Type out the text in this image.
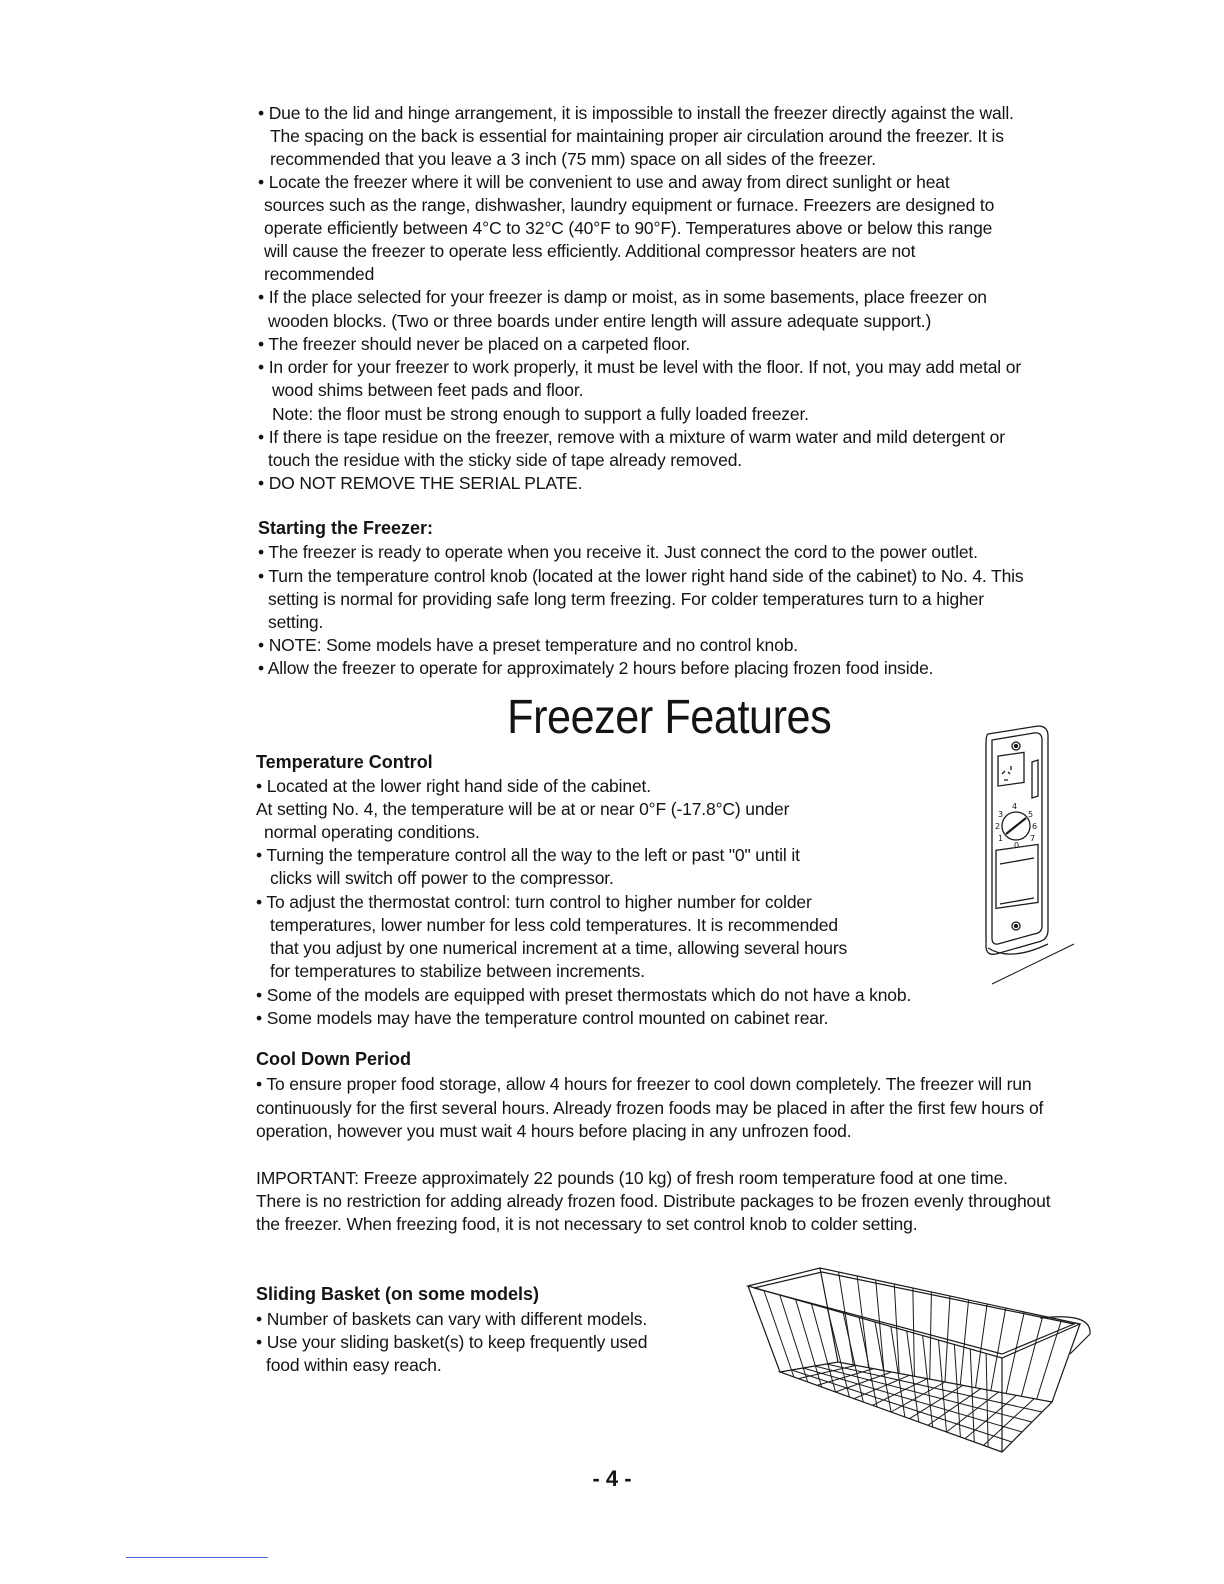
• Due to the lid and hinge arrangement, it is impossible to install the freezer directly against the wall.
The spacing on the back is essential for maintaining proper air circulation around the freezer. It is
recommended that you leave a 3 inch (75 mm) space on all sides of the freezer.
• Locate the freezer where it will be convenient to use and away from direct sunlight or heat
sources such as the range, dishwasher, laundry equipment or furnace. Freezers are designed to
operate efficiently between 4°C to 32°C (40°F to 90°F). Temperatures above or below this range
will cause the freezer to operate less efficiently. Additional compressor heaters are not
recommended
• If the place selected for your freezer is damp or moist, as in some basements, place freezer on
wooden blocks. (Two or three boards under entire length will assure adequate support.)
• The freezer should never be placed on a carpeted floor.
• In order for your freezer to work properly, it must be level with the floor. If not, you may add metal or
wood shims between feet pads and floor.
Note: the floor must be strong enough to support a fully loaded freezer.
• If there is tape residue on the freezer, remove with a mixture of warm water and mild detergent or
touch the residue with the sticky side of tape already removed.
• DO NOT REMOVE THE SERIAL PLATE.
Starting the Freezer:
• The freezer is ready to operate when you receive it. Just connect the cord to the power outlet.
• Turn the temperature control knob (located at the lower right hand side of the cabinet) to No. 4. This
setting is normal for providing safe long term freezing. For colder temperatures turn to a higher
setting.
• NOTE: Some models have a preset temperature and no control knob.
• Allow the freezer to operate for approximately 2 hours before placing frozen food inside.
Freezer Features
Temperature Control
• Located at the lower right hand side of the cabinet.
At setting No. 4, the temperature will be at or near 0°F (-17.8°C) under
normal operating conditions.
• Turning the temperature control all the way to the left or past "0" until it
clicks will switch off power to the compressor.
• To adjust the thermostat control: turn control to higher number for colder
temperatures, lower number for less cold temperatures. It is recommended
that you adjust by one numerical increment at a time, allowing several hours
for temperatures to stabilize between increments.
• Some of the models are equipped with preset thermostats which do not have a knob.
• Some models may have the temperature control mounted on cabinet rear.
4
3	5
2	6
1	7
0
Cool Down Period
• To ensure proper food storage, allow 4 hours for freezer to cool down completely. The freezer will run
continuously for the first several hours. Already frozen foods may be placed in after the first few hours of
operation, however you must wait 4 hours before placing in any unfrozen food.
IMPORTANT: Freeze approximately 22 pounds (10 kg) of fresh room temperature food at one time.
There is no restriction for adding already frozen food. Distribute packages to be frozen evenly throughout
the freezer. When freezing food, it is not necessary to set control knob to colder setting.
Sliding Basket (on some models)
• Number of baskets can vary with different models.
• Use your sliding basket(s) to keep frequently used
food within easy reach.
- 4 -
